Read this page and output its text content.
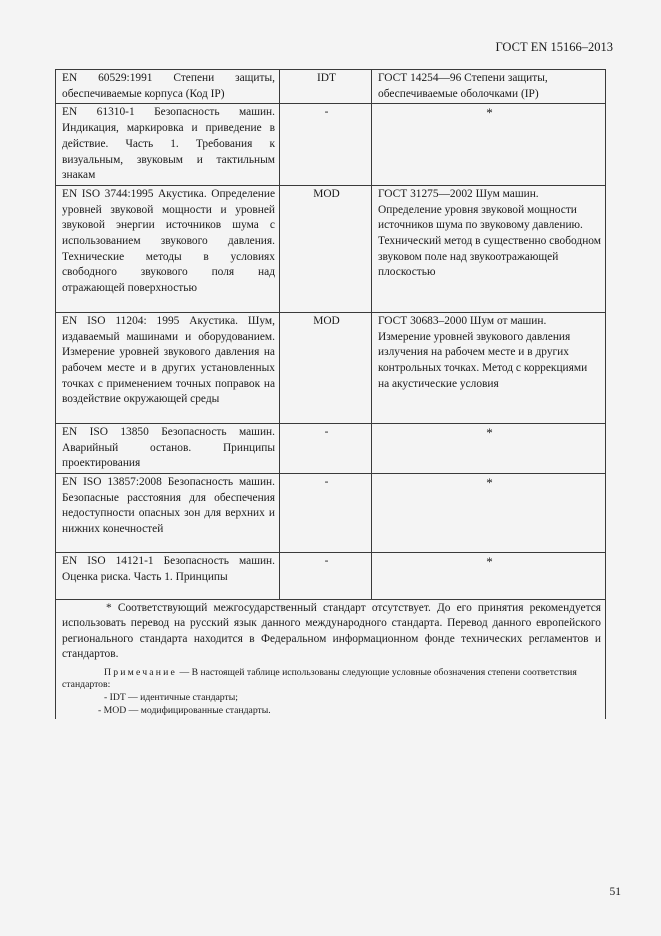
ГОСТ EN 15166–2013
EN 60529:1991 Степени защиты, обеспечиваемые корпуса (Код IP)	IDT	ГОСТ 14254—96 Степени защиты, обеспечиваемые оболочками (IP)
EN 61310-1 Безопасность машин. Индикация, маркировка и приведение в действие. Часть 1. Требования к визуальным, звуковым и тактильным знакам	-	*
EN ISO 3744:1995 Акустика. Определение уровней звуковой мощности и уровней звуковой энергии источников шума с использованием звукового давления. Технические методы в условиях свободного звукового поля над отражающей поверхностью	MOD	ГОСТ 31275—2002 Шум машин. Определение уровня звуковой мощности источников шума по звуковому давлению. Технический метод в существенно свободном звуковом поле над звукоотражающей плоскостью
EN ISO 11204: 1995 Акустика. Шум, издаваемый машинами и оборудованием. Измерение уровней звукового давления на рабочем месте и в других установленных точках с применением точных поправок на воздействие окружающей среды	MOD	ГОСТ 30683–2000 Шум от машин. Измерение уровней звукового давления излучения на рабочем месте и в других контрольных точках. Метод с коррекциями на акустические условия
EN ISO 13850 Безопасность машин. Аварийный останов. Принципы проектирования	-	*
EN ISO 13857:2008 Безопасность машин. Безопасные расстояния для обеспечения недоступности опасных зон для верхних и нижних конечностей	-	*
EN ISO 14121-1 Безопасность машин. Оценка риска. Часть 1. Принципы	-	*

* Соответствующий межгосударственный стандарт отсутствует. До его принятия рекомендуется использовать перевод на русский язык данного международного стандарта. Перевод данного европейского регионального стандарта находится в Федеральном информационном фонде технических регламентов и стандартов.

Примечание — В настоящей таблице использованы следующие условные обозначения степени соответствия стандартов:

- IDT — идентичные стандарты;

- MOD — модифицированные стандарты.		

51
